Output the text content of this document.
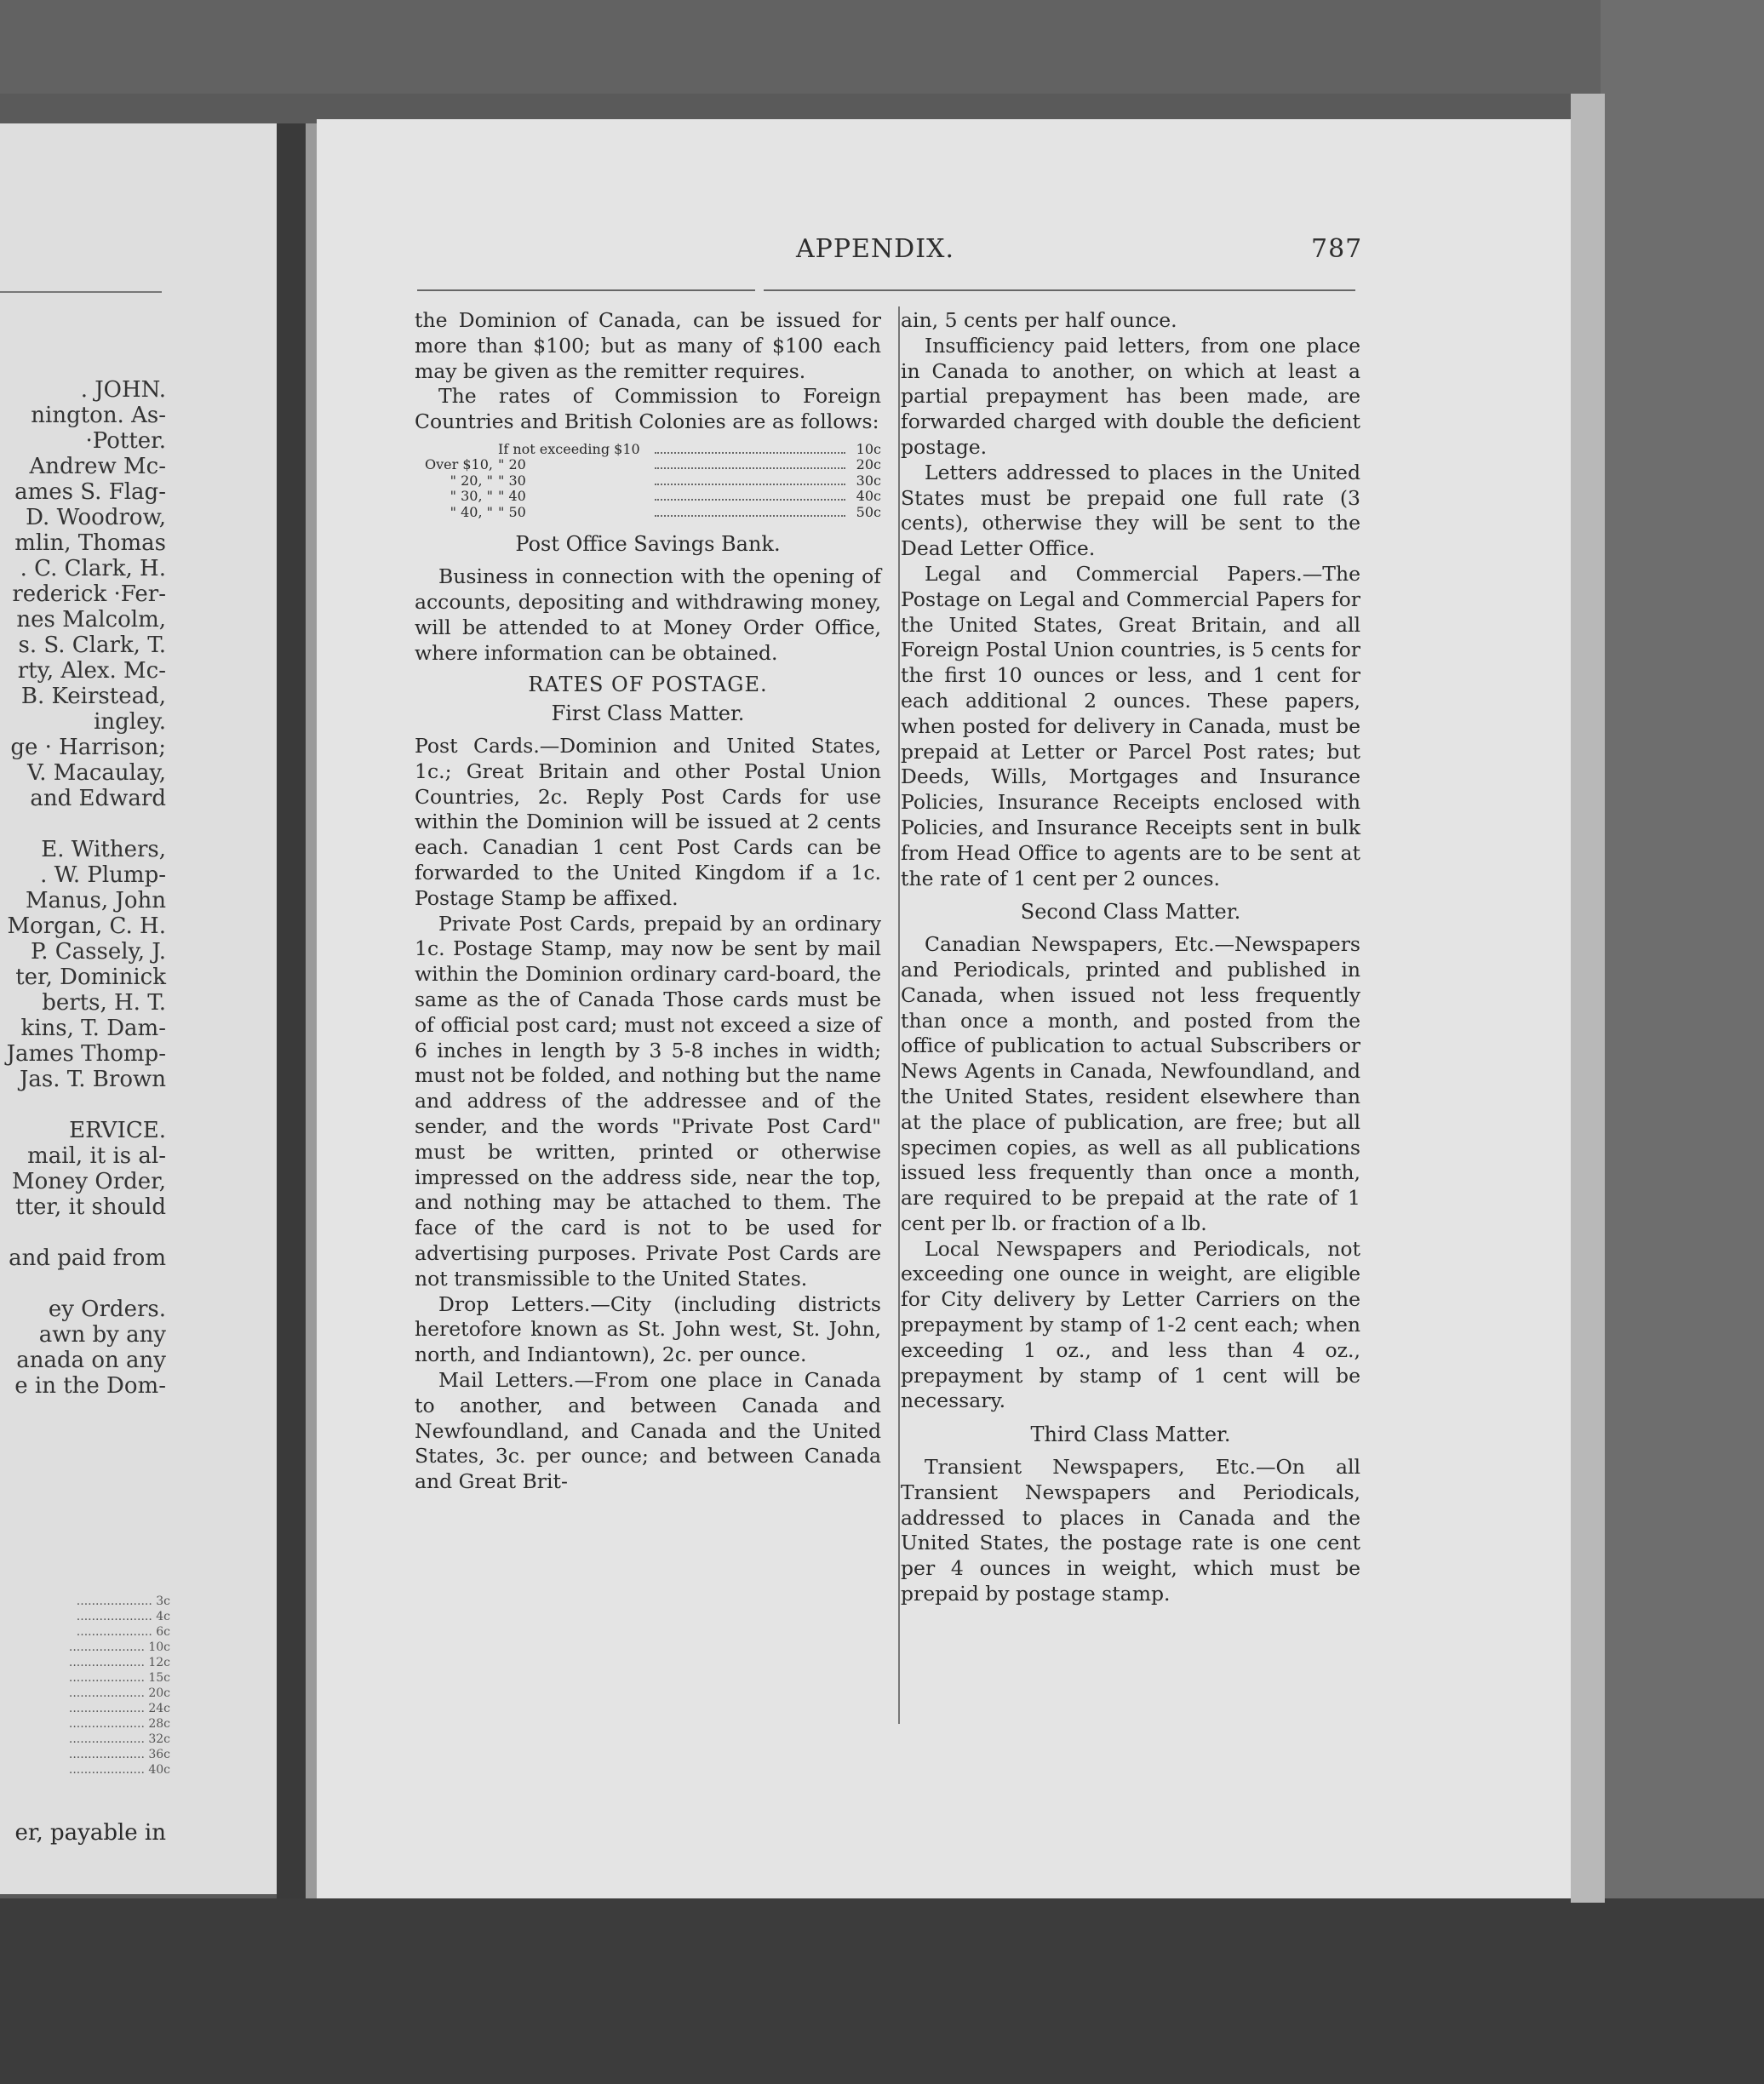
. JOHN.
nington. As-
·Potter.
Andrew Mc-
ames S. Flag-
D. Woodrow,
mlin, Thomas
. C. Clark, H.
rederick ·Fer-
nes Malcolm,
s. S. Clark, T.
rty, Alex. Mc-
B. Keirstead,
ingley.
ge · Harrison;
V. Macaulay,
and Edward
E. Withers,
. W. Plump-
Manus, John
Morgan, C. H.
P. Cassely, J.
ter, Dominick
berts, H. T.
kins, T. Dam-
James Thomp-
Jas. T. Brown
ERVICE.
mail, it is al-
Money Order,
tter, it should
and paid from
ey Orders.
awn by any
anada on any
e in the Dom-
.................... 3c
.................... 4c
.................... 6c
.................... 10c
.................... 12c
.................... 15c
.................... 20c
.................... 24c
.................... 28c
.................... 32c
.................... 36c
.................... 40c
er, payable in
APPENDIX.	787

the Dominion of Canada, can be issued for more than $100; but as many of $100 each may be given as the remitter requires.

The rates of Commission to Foreign Countries and British Colonies are as follows:

If not exceeding $10	10c
Over $10, " 20	20c
" 20, " " 30	30c
" 30, " " 40	40c
" 40, " " 50	50c
Post Office Savings Bank.

Business in connection with the opening of accounts, depositing and withdrawing money, will be attended to at Money Order Office, where information can be obtained.

RATES OF POSTAGE.
First Class Matter.

Post Cards.—Dominion and United States, 1c.; Great Britain and other Postal Union Countries, 2c. Reply Post Cards for use within the Dominion will be issued at 2 cents each. Canadian 1 cent Post Cards can be forwarded to the United Kingdom if a 1c. Postage Stamp be affixed.

Private Post Cards, prepaid by an ordinary 1c. Postage Stamp, may now be sent by mail within the Dominion ordinary card-board, the same as the of Canada Those cards must be of official post card; must not exceed a size of 6 inches in length by 3 5-8 inches in width; must not be folded, and nothing but the name and address of the addressee and of the sender, and the words "Private Post Card" must be written, printed or otherwise impressed on the address side, near the top, and nothing may be attached to them. The face of the card is not to be used for advertising purposes. Private Post Cards are not transmissible to the United States.

Drop Letters.—City (including districts heretofore known as St. John west, St. John, north, and Indiantown), 2c. per ounce.

Mail Letters.—From one place in Canada to another, and between Canada and Newfoundland, and Canada and the United States, 3c. per ounce; and between Canada and Great Brit-

ain, 5 cents per half ounce.

Insufficiency paid letters, from one place in Canada to another, on which at least a partial prepayment has been made, are forwarded charged with double the deficient postage.

Letters addressed to places in the United States must be prepaid one full rate (3 cents), otherwise they will be sent to the Dead Letter Office.

Legal and Commercial Papers.—The Postage on Legal and Commercial Papers for the United States, Great Britain, and all Foreign Postal Union countries, is 5 cents for the first 10 ounces or less, and 1 cent for each additional 2 ounces. These papers, when posted for delivery in Canada, must be prepaid at Letter or Parcel Post rates; but Deeds, Wills, Mortgages and Insurance Policies, Insurance Receipts enclosed with Policies, and Insurance Receipts sent in bulk from Head Office to agents are to be sent at the rate of 1 cent per 2 ounces.

Second Class Matter.

Canadian Newspapers, Etc.—Newspapers and Periodicals, printed and published in Canada, when issued not less frequently than once a month, and posted from the office of publication to actual Subscribers or News Agents in Canada, Newfoundland, and the United States, resident elsewhere than at the place of publication, are free; but all specimen copies, as well as all publications issued less frequently than once a month, are required to be prepaid at the rate of 1 cent per lb. or fraction of a lb.

Local Newspapers and Periodicals, not exceeding one ounce in weight, are eligible for City delivery by Letter Carriers on the prepayment by stamp of 1-2 cent each; when exceeding 1 oz., and less than 4 oz., prepayment by stamp of 1 cent will be necessary.

Third Class Matter.

Transient Newspapers, Etc.—On all Transient Newspapers and Periodicals, addressed to places in Canada and the United States, the postage rate is one cent per 4 ounces in weight, which must be prepaid by postage stamp.
